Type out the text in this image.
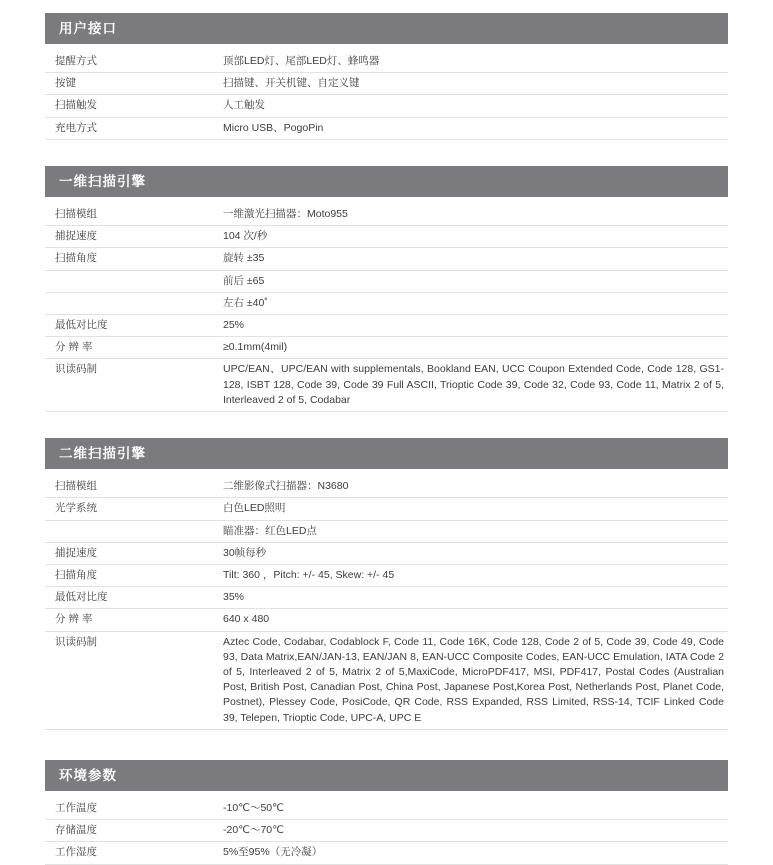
用户接口
提醒方式	顶部LED灯、尾部LED灯、蜂鸣器
按键	扫描键、开关机键、自定义键
扫描触发	人工触发
充电方式	Micro USB、PogoPin
一维扫描引擎
扫描模组	一维激光扫描器：Moto955
捕捉速度	104 次/秒
扫描角度	旋转 ±35
	前后 ±65
	左右 ±40˚
最低对比度	25%
分 辨 率	≥0.1mm(4mil)
识读码制	UPC/EAN、UPC/EAN with supplementals, Bookland EAN, UCC Coupon Extended Code, Code 128, GS1-128, ISBT 128, Code 39, Code 39 Full ASCII, Trioptic Code 39, Code 32, Code 93, Code 11, Matrix 2 of 5, Interleaved 2 of 5, Codabar
二维扫描引擎
扫描模组	二维影像式扫描器：N3680
光学系统	白色LED照明
	瞄准器：红色LED点
捕捉速度	30帧每秒
扫描角度	Tilt: 360 ，Pitch: +/- 45, Skew: +/- 45
最低对比度	35%
分 辨 率	640 x 480
识读码制	Aztec Code, Codabar, Codablock F, Code 11, Code 16K, Code 128, Code 2 of 5, Code 39, Code 49, Code 93, Data Matrix,EAN/JAN-13, EAN/JAN 8, EAN-UCC Composite Codes, EAN-UCC Emulation, IATA Code 2 of 5, Interleaved 2 of 5, Matrix 2 of 5,MaxiCode, MicroPDF417, MSI, PDF417, Postal Codes (Australian Post, British Post, Canadian Post, China Post, Japanese Post,Korea Post, Netherlands Post, Planet Code, Postnet), Plessey Code, PosiCode, QR Code, RSS Expanded, RSS Limited, RSS-14, TCIF Linked Code 39, Telepen, Trioptic Code, UPC-A, UPC E
环境参数
工作温度	-10℃～50℃
存储温度	-20℃～70℃
工作湿度	5%至95%（无冷凝）
